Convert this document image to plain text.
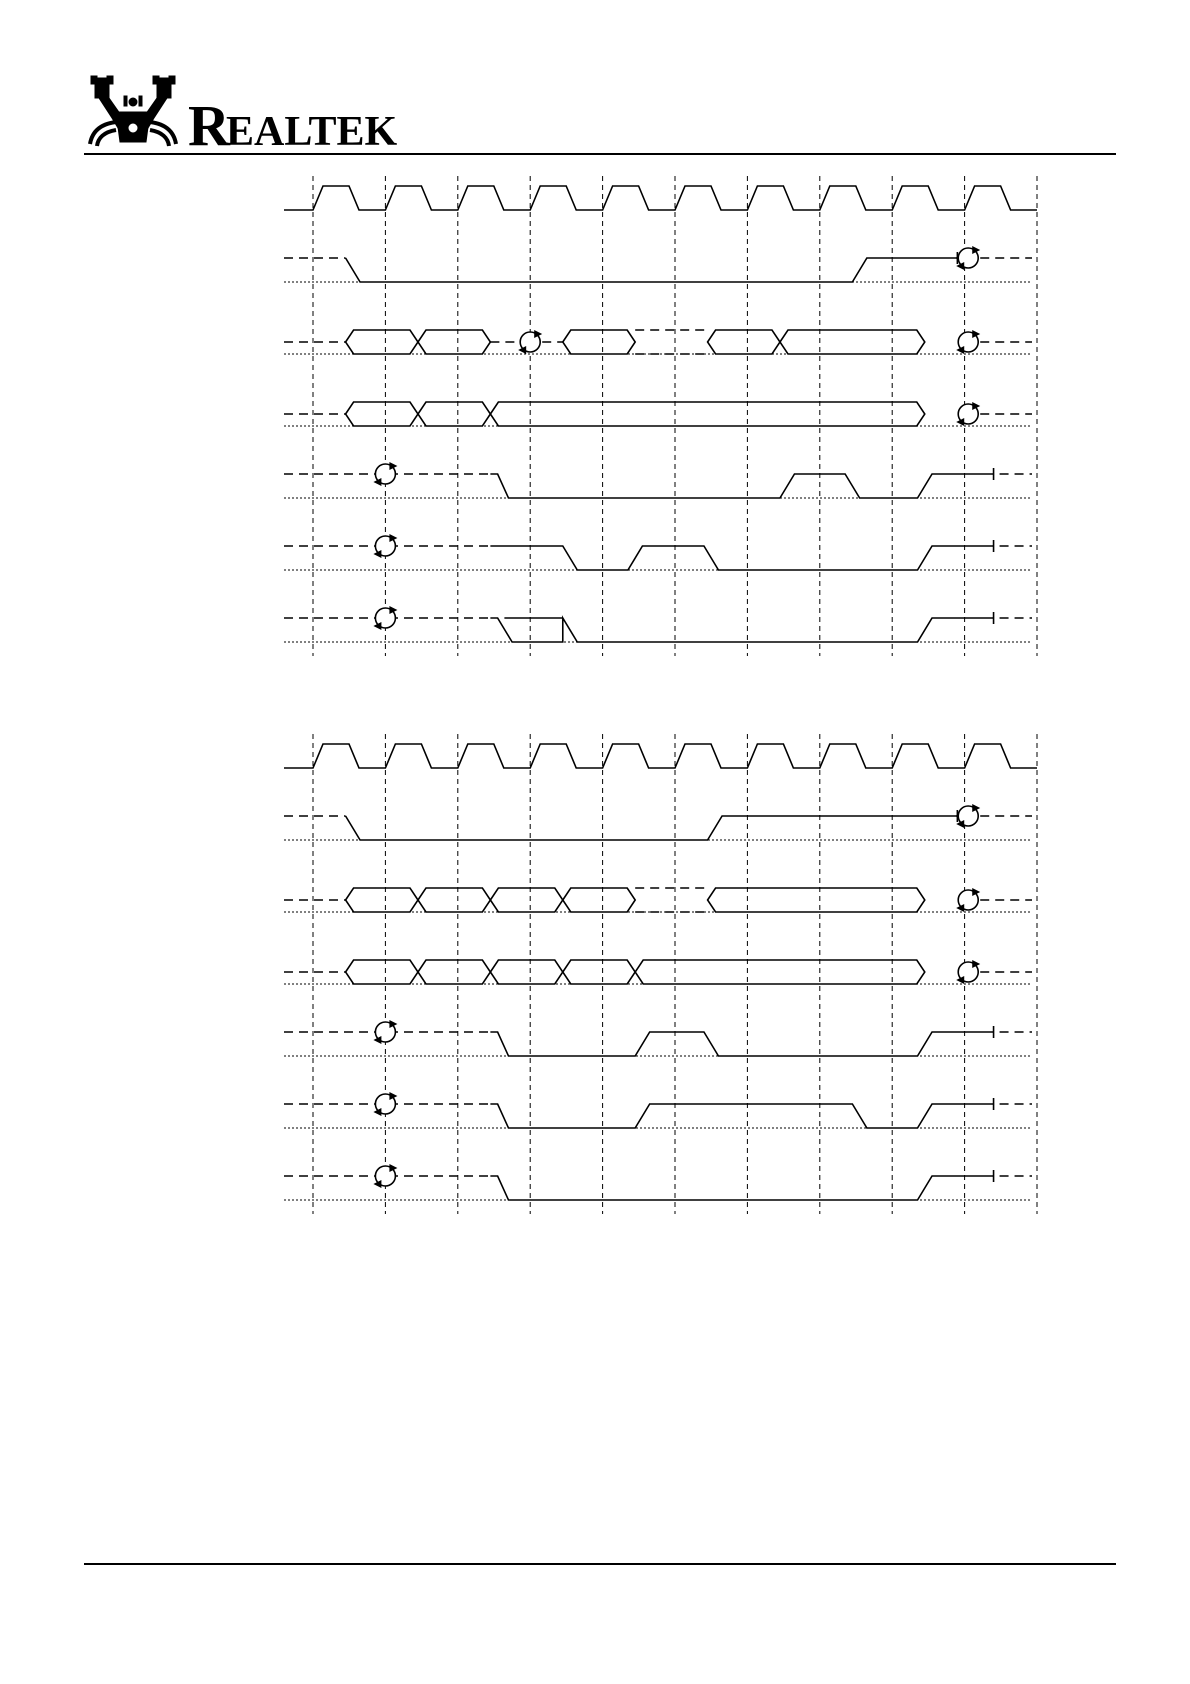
R
EALTEK
